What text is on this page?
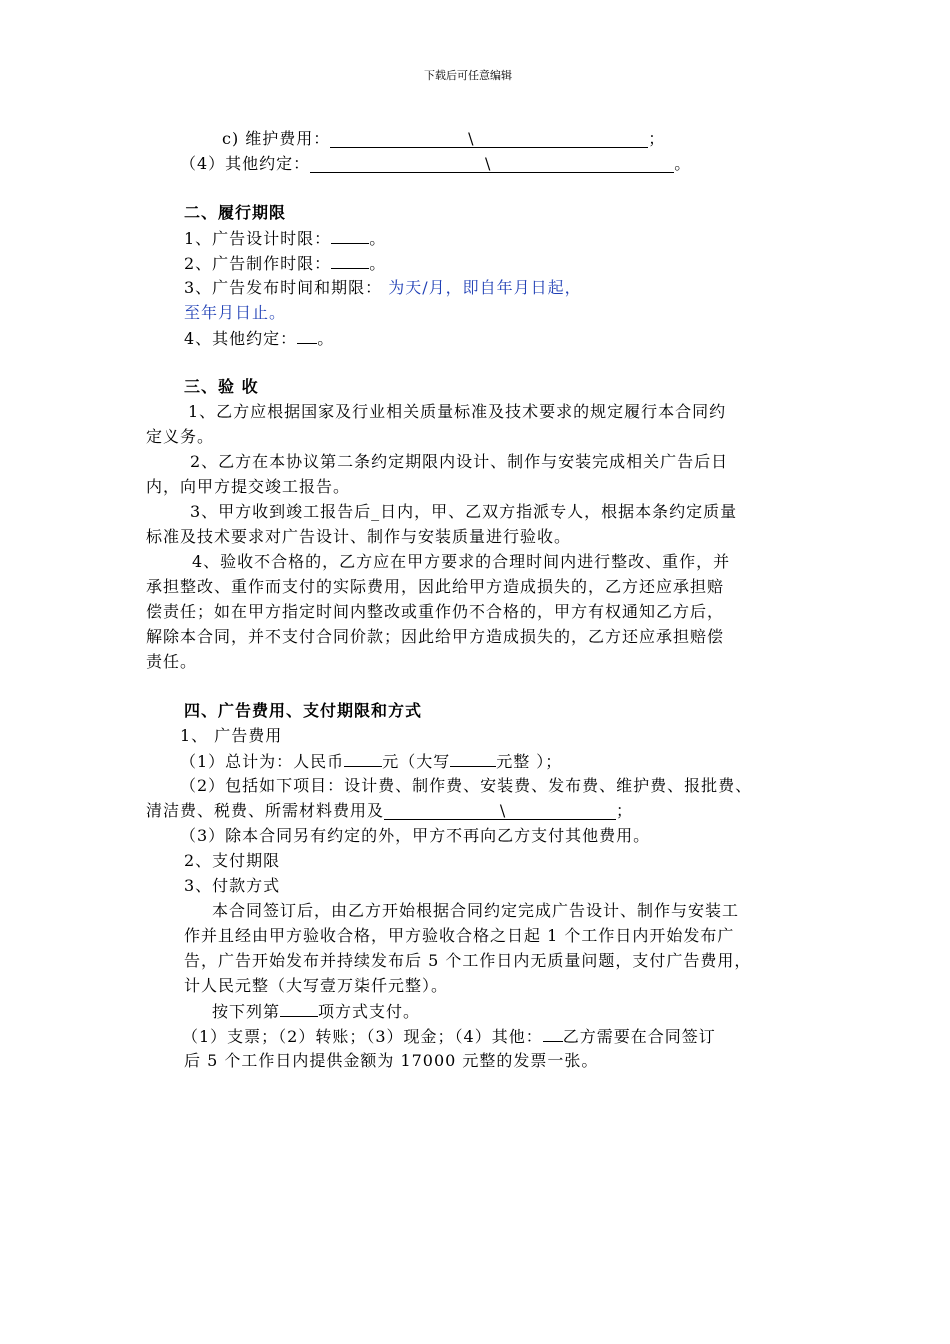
下载后可任意编辑
c) 维护费用：	\	；
（4）其他约定：	\	。
二、履行期限
1、广告设计时限： 。
2、广告制作时限： 。
3、广告发布时间和期限： 为天/月，即自年月日起，
至年月日止。
4、其他约定： 。
三、验 收
1、乙方应根据国家及行业相关质量标准及技术要求的规定履行本合同约
定义务。
2、乙方在本协议第二条约定期限内设计、制作与安装完成相关广告后日
内，向甲方提交竣工报告。
3、甲方收到竣工报告后_日内，甲、乙双方指派专人，根据本条约定质量
标准及技术要求对广告设计、制作与安装质量进行验收。
4、验收不合格的，乙方应在甲方要求的合理时间内进行整改、重作，并
承担整改、重作而支付的实际费用，因此给甲方造成损失的，乙方还应承担赔
偿责任；如在甲方指定时间内整改或重作仍不合格的，甲方有权通知乙方后，
解除本合同，并不支付合同价款；因此给甲方造成损失的，乙方还应承担赔偿
责任。
四、广告费用、支付期限和方式
1、 广告费用
（1）总计为：人民币 元（大写	元整 ）；
（2）包括如下项目：设计费、制作费、安装费、发布费、维护费、报批费、
清洁费、税费、所需材料费用及	\	；
（3）除本合同另有约定的外，甲方不再向乙方支付其他费用。
2、支付期限
3、付款方式
本合同签订后，由乙方开始根据合同约定完成广告设计、制作与安装工
作并且经由甲方验收合格，甲方验收合格之日起 1 个工作日内开始发布广
告，广告开始发布并持续发布后 5 个工作日内无质量问题，支付广告费用，
计人民元整（大写壹万柒仟元整）。
按下列第 项方式支付。
（1）支票；（2）转账；（3）现金；（4）其他： 乙方需要在合同签订
后 5 个工作日内提供金额为 17000 元整的发票一张。
